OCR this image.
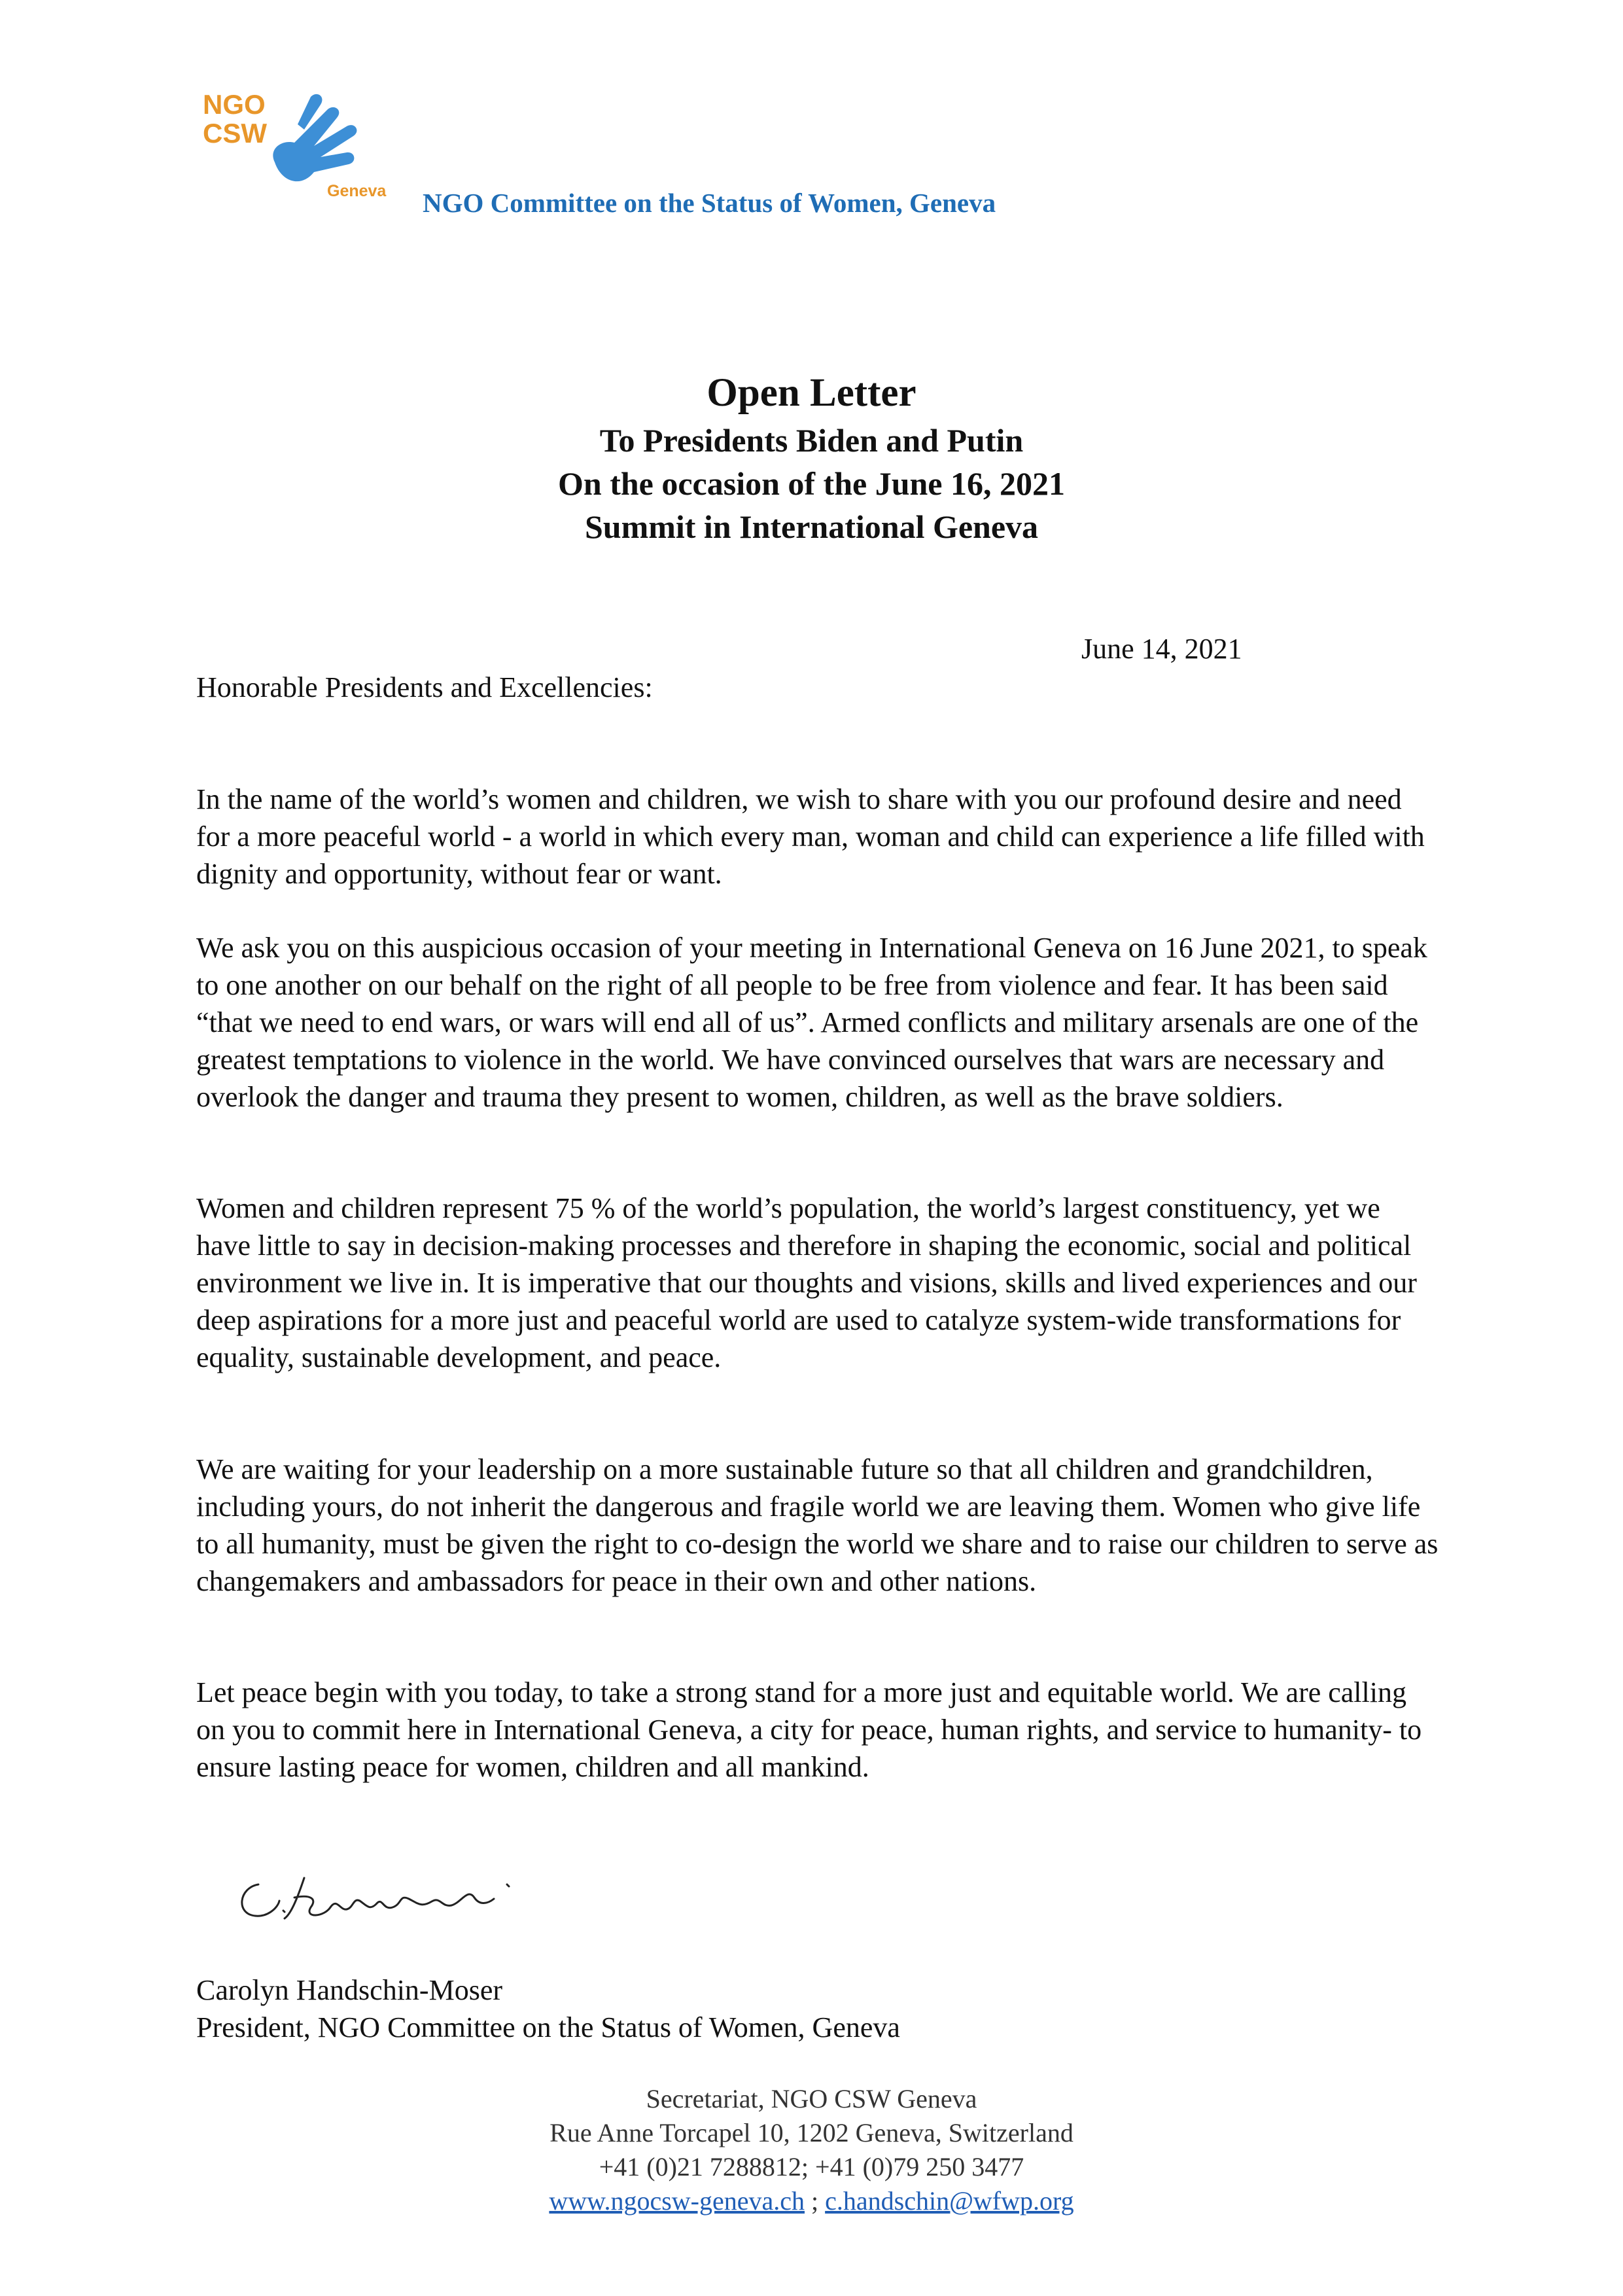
NGO
CSW
Geneva NGO Committee on the Status of Women, Geneva
Open Letter
To Presidents Biden and Putin
On the occasion of the June 16, 2021
Summit in International Geneva
June 14, 2021
Honorable Presidents and Excellencies:
In the name of the world’s women and children, we wish to share with you our profound desire and need for a more peaceful world - a world in which every man, woman and child can experience a life filled with dignity and opportunity, without fear or want.
We ask you on this auspicious occasion of your meeting in International Geneva on 16 June 2021, to speak to one another on our behalf on the right of all people to be free from violence and fear. It has been said “that we need to end wars, or wars will end all of us”. Armed conflicts and military arsenals are one of the greatest temptations to violence in the world. We have convinced ourselves that wars are necessary and overlook the danger and trauma they present to women, children, as well as the brave soldiers.
Women and children represent 75 % of the world’s population, the world’s largest constituency, yet we have little to say in decision-making processes and therefore in shaping the economic, social and political environment we live in. It is imperative that our thoughts and visions, skills and lived experiences and our deep aspirations for a more just and peaceful world are used to catalyze system-wide transformations for equality, sustainable development, and peace.
We are waiting for your leadership on a more sustainable future so that all children and grandchildren, including yours, do not inherit the dangerous and fragile world we are leaving them. Women who give life to all humanity, must be given the right to co-design the world we share and to raise our children to serve as changemakers and ambassadors for peace in their own and other nations.
Let peace begin with you today, to take a strong stand for a more just and equitable world. We are calling on you to commit here in International Geneva, a city for peace, human rights, and service to humanity- to ensure lasting peace for women, children and all mankind.
Carolyn Handschin-Moser
President, NGO Committee on the Status of Women, Geneva
Secretariat, NGO CSW Geneva
Rue Anne Torcapel 10, 1202 Geneva, Switzerland
+41 (0)21 7288812; +41 (0)79 250 3477
www.ngocsw-geneva.ch ; c.handschin@wfwp.org
